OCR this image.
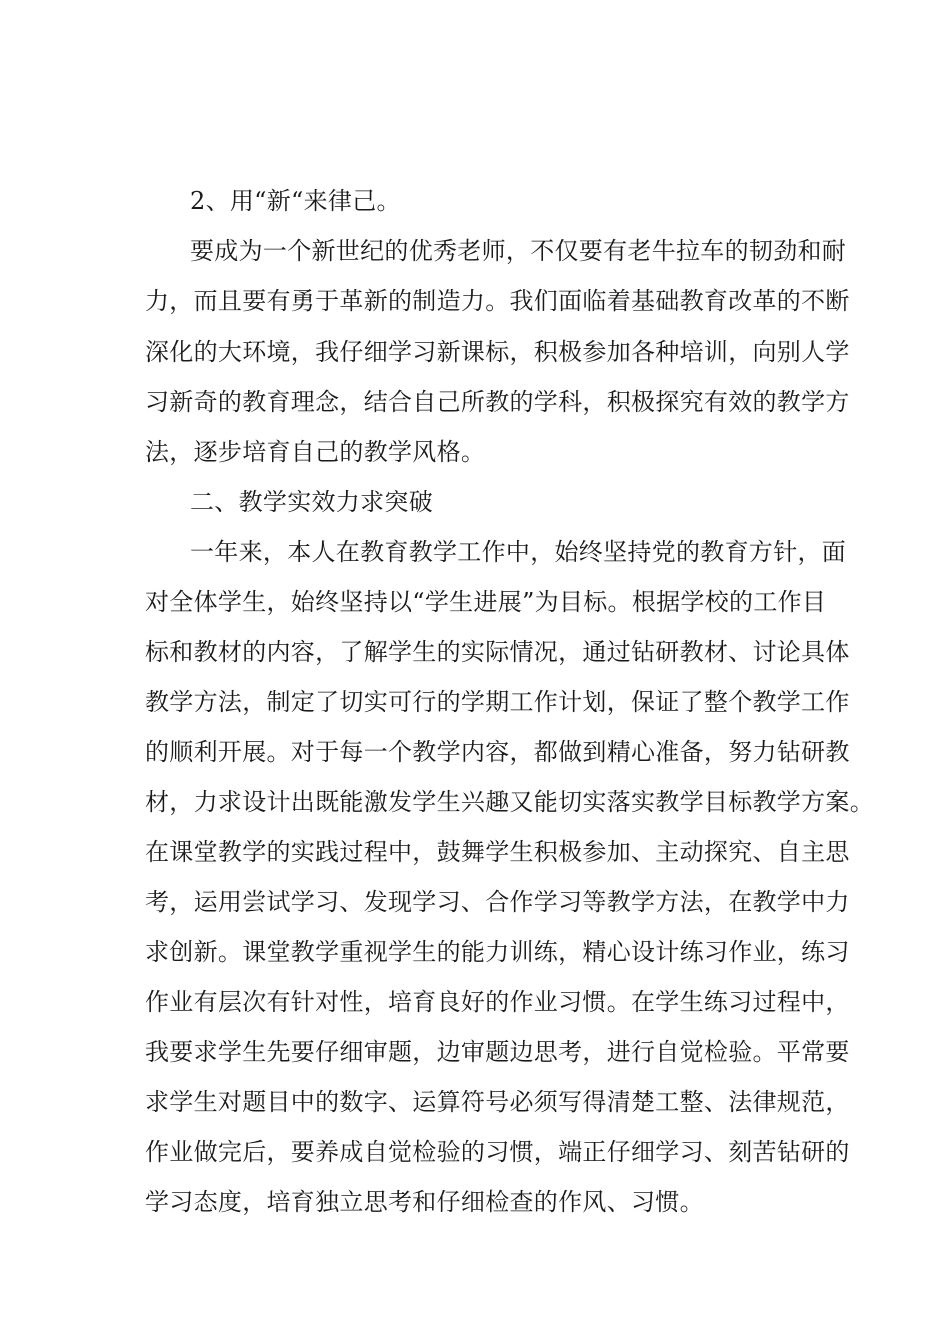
2、用“新“来律己。
要成为一个新世纪的优秀老师，不仅要有老牛拉车的韧劲和耐
力，而且要有勇于革新的制造力。我们面临着基础教育改革的不断
深化的大环境，我仔细学习新课标，积极参加各种培训，向别人学
习新奇的教育理念，结合自己所教的学科，积极探究有效的教学方
法，逐步培育自己的教学风格。
二、教学实效力求突破
一年来，本人在教育教学工作中，始终坚持党的教育方针，面
对全体学生，始终坚持以“学生进展”为目标。根据学校的工作目
标和教材的内容，了解学生的实际情况，通过钻研教材、讨论具体
教学方法，制定了切实可行的学期工作计划，保证了整个教学工作
的顺利开展。对于每一个教学内容，都做到精心准备，努力钻研教
材，力求设计出既能激发学生兴趣又能切实落实教学目标教学方案。
在课堂教学的实践过程中，鼓舞学生积极参加、主动探究、自主思
考，运用尝试学习、发现学习、合作学习等教学方法，在教学中力
求创新。课堂教学重视学生的能力训练，精心设计练习作业，练习
作业有层次有针对性，培育良好的作业习惯。在学生练习过程中，
我要求学生先要仔细审题，边审题边思考，进行自觉检验。平常要
求学生对题目中的数字、运算符号必须写得清楚工整、法律规范，
作业做完后，要养成自觉检验的习惯，端正仔细学习、刻苦钻研的
学习态度，培育独立思考和仔细检查的作风、习惯。
